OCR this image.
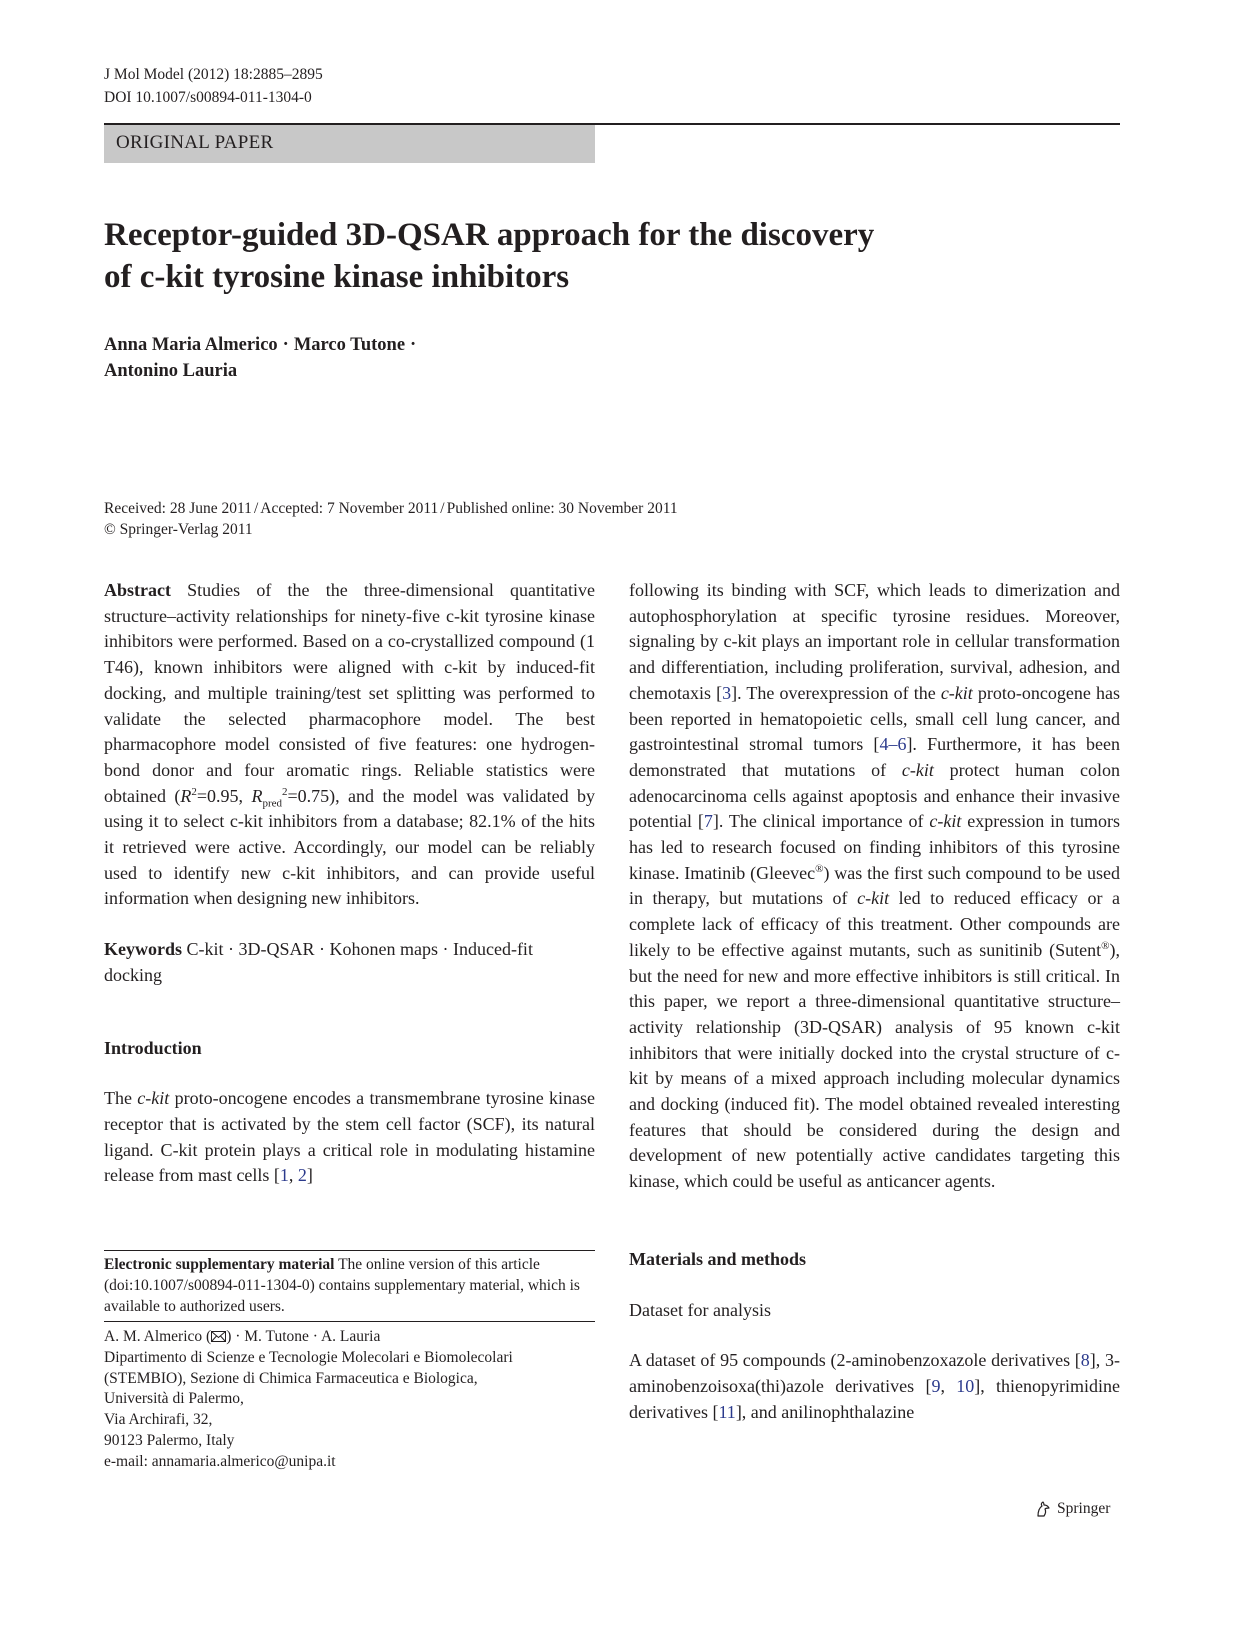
J Mol Model (2012) 18:2885–2895
DOI 10.1007/s00894-011-1304-0
ORIGINAL PAPER
Receptor-guided 3D-QSAR approach for the discovery
of c-kit tyrosine kinase inhibitors
Anna Maria Almerico · Marco Tutone ·
Antonino Lauria
Received: 28 June 2011 / Accepted: 7 November 2011 / Published online: 30 November 2011
© Springer-Verlag 2011

Abstract Studies of the the three-dimensional quantitative structure–activity relationships for ninety-five c-kit tyrosine kinase inhibitors were performed. Based on a co-crystallized compound (1 T46), known inhibitors were aligned with c-kit by induced-fit docking, and multiple training/test set splitting was performed to validate the selected pharmacophore model. The best pharmacophore model consisted of five features: one hydrogen-bond donor and four aromatic rings. Reliable statistics were obtained ($R^2=0.95$, $R_{pred}^2=0.75$), and the model was validated by using it to select c-kit inhibitors from a database; 82.1% of the hits it retrieved were active. Accordingly, our model can be reliably used to identify new c-kit inhibitors, and can provide useful information when designing new inhibitors.

Keywords C-kit · 3D-QSAR · Kohonen maps · Induced-fit docking

Introduction

The c-kit proto-oncogene encodes a transmembrane tyrosine kinase receptor that is activated by the stem cell factor (SCF), its natural ligand. C-kit protein plays a critical role in modulating histamine release from mast cells [1, 2]

Electronic supplementary material The online version of this article (doi:10.1007/s00894-011-1304-0) contains supplementary material, which is available to authorized users.
A. M. Almerico ( ) · M. Tutone · A. Lauria
Dipartimento di Scienze e Tecnologie Molecolari e Biomolecolari
(STEMBIO), Sezione di Chimica Farmaceutica e Biologica,
Università di Palermo,
Via Archirafi, 32,
90123 Palermo, Italy
e-mail: annamaria.almerico@unipa.it

following its binding with SCF, which leads to dimerization and autophosphorylation at specific tyrosine residues. Moreover, signaling by c-kit plays an important role in cellular transformation and differentiation, including proliferation, survival, adhesion, and chemotaxis [3]. The overexpression of the c-kit proto-oncogene has been reported in hematopoietic cells, small cell lung cancer, and gastrointestinal stromal tumors [4–6]. Furthermore, it has been demonstrated that mutations of c-kit protect human colon adenocarcinoma cells against apoptosis and enhance their invasive potential [7]. The clinical importance of c-kit expression in tumors has led to research focused on finding inhibitors of this tyrosine kinase. Imatinib (Gleevec®) was the first such compound to be used in therapy, but mutations of c-kit led to reduced efficacy or a complete lack of efficacy of this treatment. Other compounds are likely to be effective against mutants, such as sunitinib (Sutent®), but the need for new and more effective inhibitors is still critical. In this paper, we report a three-dimensional quantitative structure–activity relationship (3D-QSAR) analysis of 95 known c-kit inhibitors that were initially docked into the crystal structure of c-kit by means of a mixed approach including molecular dynamics and docking (induced fit). The model obtained revealed interesting features that should be considered during the design and development of new potentially active candidates targeting this kinase, which could be useful as anticancer agents.

Materials and methods

Dataset for analysis

A dataset of 95 compounds (2-aminobenzoxazole derivatives [8], 3-aminobenzoisoxa(thi)azole derivatives [9, 10], thienopyrimidine derivatives [11], and anilinophthalazine

Springer
